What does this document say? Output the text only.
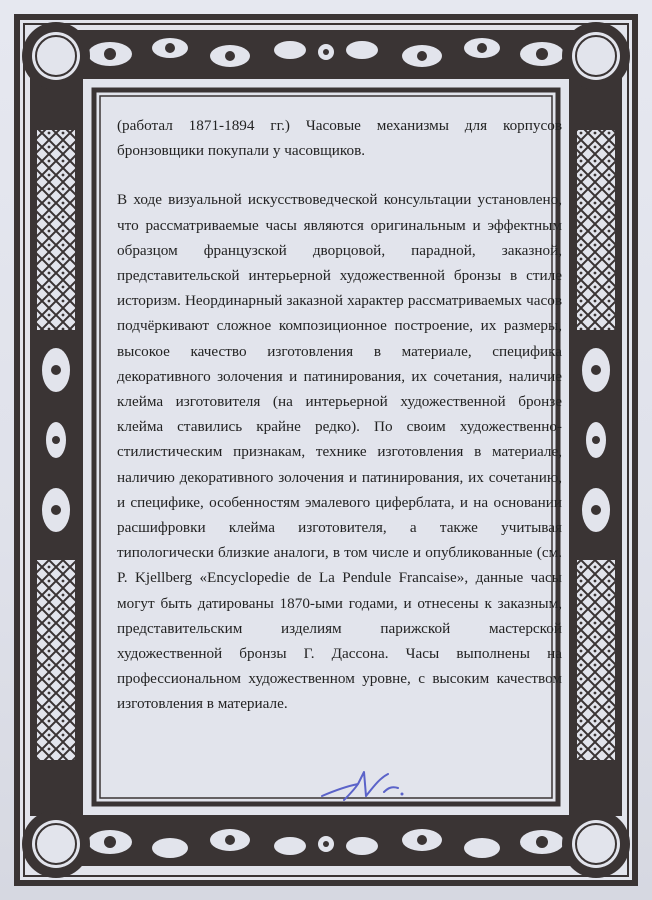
(работал 1871-1894 гг.) Часовые механизмы для корпусов бронзовщики покупали у часовщиков.

В ходе визуальной искусствоведческой консультации установлено, что рассматриваемые часы являются оригинальным и эффектным образцом французской дворцовой, парадной, заказной, представительской интерьерной художественной бронзы в стиле историзм. Неординарный заказной характер рассматриваемых часов подчёркивают сложное композиционное построение, их размеры, высокое качество изготовления в материале, специфика декоративного золочения и патинирования, их сочетания, наличие клейма изготовителя (на интерьерной художественной бронзе клейма ставились крайне редко). По своим художественно-стилистическим признакам, технике изготовления в материале, наличию декоративного золочения и патинирования, их сочетанию, и специфике, особенностям эмалевого циферблата, и на основании расшифровки клейма изготовителя, а также учитывая типологически близкие аналоги, в том числе и опубликованные (см. P. Kjellberg «Encyclopedie de La Pendule Francaise», данные часы могут быть датированы 1870-ыми годами, и отнесены к заказным, представительским изделиям парижской мастерской художественной бронзы Г. Дассона. Часы выполнены на профессиональном художественном уровне, с высоким качеством изготовления в материале.
